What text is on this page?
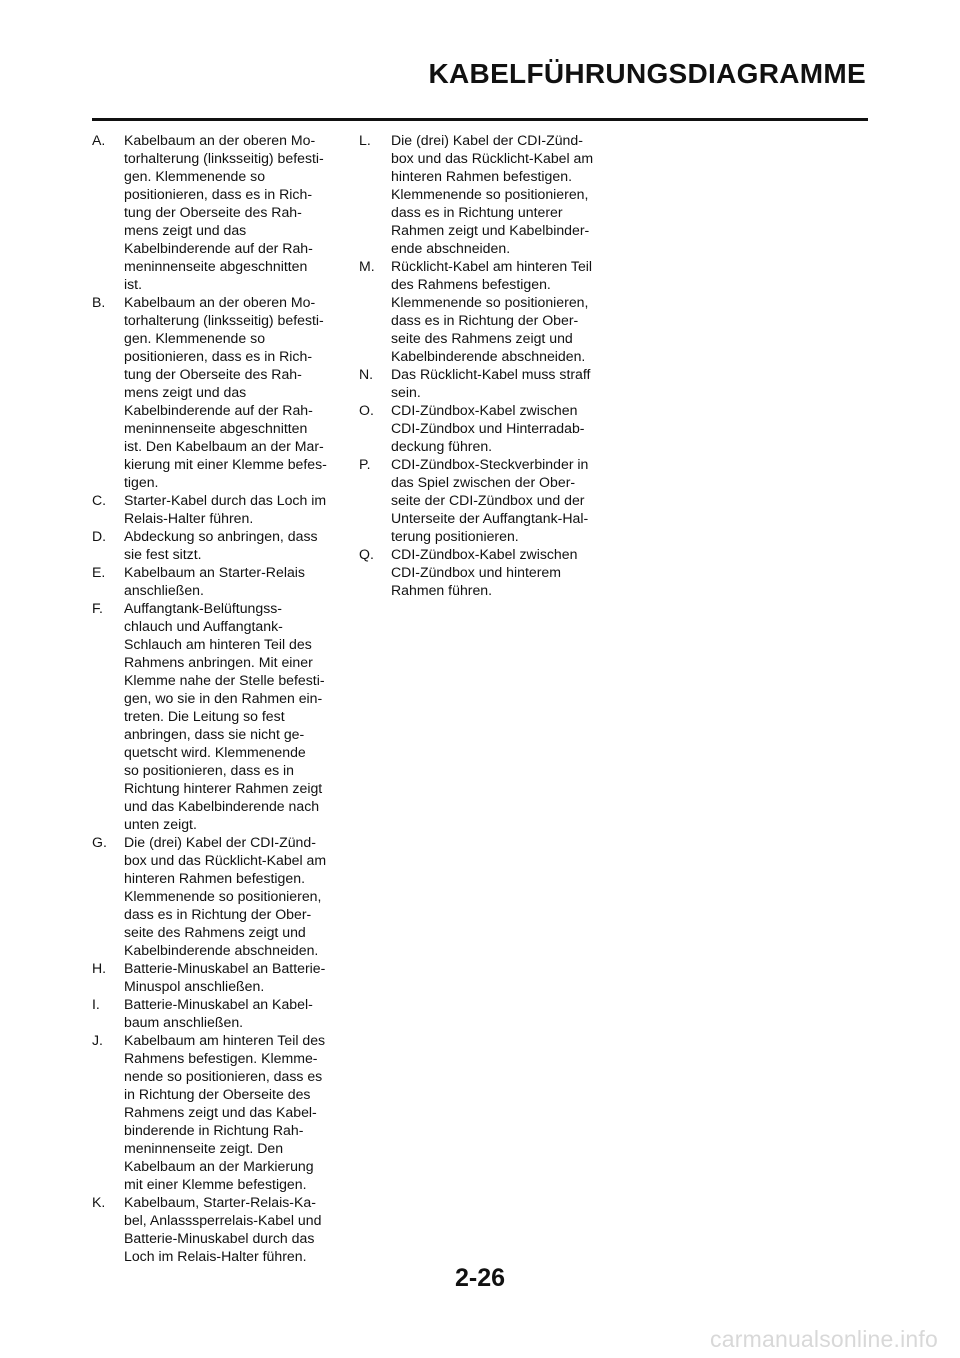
KABELFÜHRUNGSDIAGRAMME
A.	Kabelbaum an der oberen Mo-
torhalterung (linksseitig) befesti-
gen. Klemmenende so
positionieren, dass es in Rich-
tung der Oberseite des Rah-
mens zeigt und das
Kabelbinderende auf der Rah-
meninnenseite abgeschnitten
ist.
B.	Kabelbaum an der oberen Mo-
torhalterung (linksseitig) befesti-
gen. Klemmenende so
positionieren, dass es in Rich-
tung der Oberseite des Rah-
mens zeigt und das
Kabelbinderende auf der Rah-
meninnenseite abgeschnitten
ist. Den Kabelbaum an der Mar-
kierung mit einer Klemme befes-
tigen.
C.	Starter-Kabel durch das Loch im
Relais-Halter führen.
D.	Abdeckung so anbringen, dass
sie fest sitzt.
E.	Kabelbaum an Starter-Relais
anschließen.
F.	Auffangtank-Belüftungss-
chlauch und Auffangtank-
Schlauch am hinteren Teil des
Rahmens anbringen. Mit einer
Klemme nahe der Stelle befesti-
gen, wo sie in den Rahmen ein-
treten. Die Leitung so fest
anbringen, dass sie nicht ge-
quetscht wird. Klemmenende
so positionieren, dass es in
Richtung hinterer Rahmen zeigt
und das Kabelbinderende nach
unten zeigt.
G.	Die (drei) Kabel der CDI-Zünd-
box und das Rücklicht-Kabel am
hinteren Rahmen befestigen.
Klemmenende so positionieren,
dass es in Richtung der Ober-
seite des Rahmens zeigt und
Kabelbinderende abschneiden.
H.	Batterie-Minuskabel an Batterie-
Minuspol anschließen.
I.	Batterie-Minuskabel an Kabel-
baum anschließen.
J.	Kabelbaum am hinteren Teil des
Rahmens befestigen. Klemme-
nende so positionieren, dass es
in Richtung der Oberseite des
Rahmens zeigt und das Kabel-
binderende in Richtung Rah-
meninnenseite zeigt. Den
Kabelbaum an der Markierung
mit einer Klemme befestigen.
K.	Kabelbaum, Starter-Relais-Ka-
bel, Anlasssperrelais-Kabel und
Batterie-Minuskabel durch das
Loch im Relais-Halter führen.
L.	Die (drei) Kabel der CDI-Zünd-
box und das Rücklicht-Kabel am
hinteren Rahmen befestigen.
Klemmenende so positionieren,
dass es in Richtung unterer
Rahmen zeigt und Kabelbinder-
ende abschneiden.
M.	Rücklicht-Kabel am hinteren Teil
des Rahmens befestigen.
Klemmenende so positionieren,
dass es in Richtung der Ober-
seite des Rahmens zeigt und
Kabelbinderende abschneiden.
N.	Das Rücklicht-Kabel muss straff
sein.
O.	CDI-Zündbox-Kabel zwischen
CDI-Zündbox und Hinterradab-
deckung führen.
P.	CDI-Zündbox-Steckverbinder in
das Spiel zwischen der Ober-
seite der CDI-Zündbox und der
Unterseite der Auffangtank-Hal-
terung positionieren.
Q.	CDI-Zündbox-Kabel zwischen
CDI-Zündbox und hinterem
Rahmen führen.

2-26

carmanualsonline.info
